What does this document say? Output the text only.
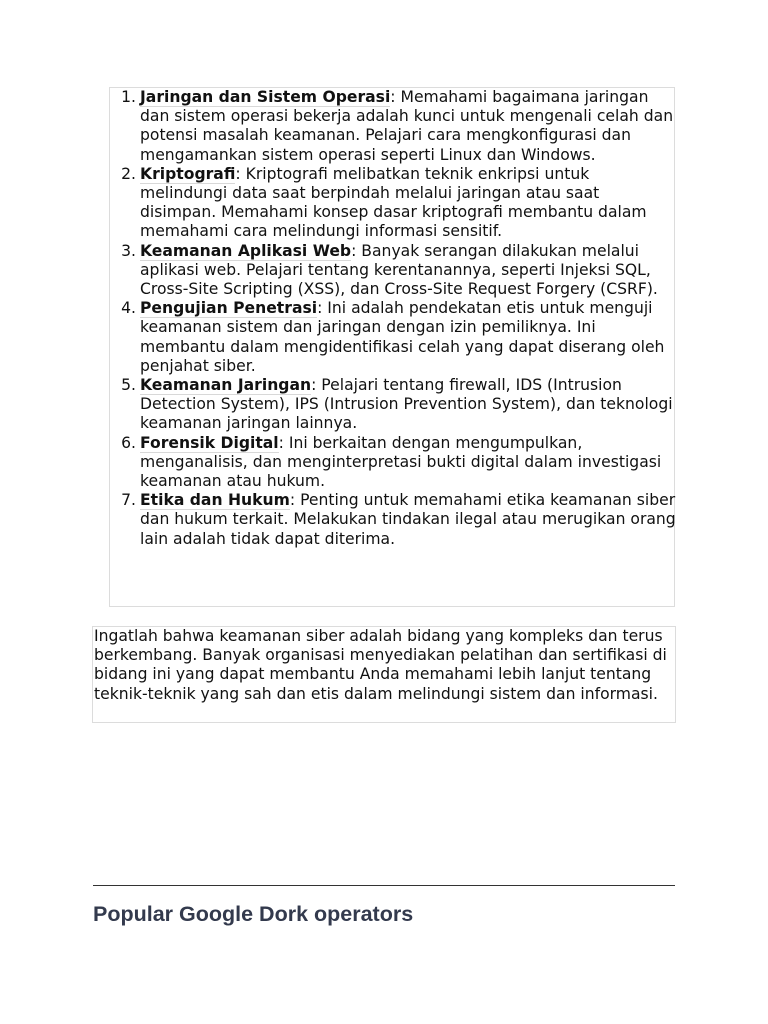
1. Jaringan dan Sistem Operasi: Memahami bagaimana jaringan dan sistem operasi bekerja adalah kunci untuk mengenali celah dan potensi masalah keamanan. Pelajari cara mengkonfigurasi dan mengamankan sistem operasi seperti Linux dan Windows.
2. Kriptografi: Kriptografi melibatkan teknik enkripsi untuk melindungi data saat berpindah melalui jaringan atau saat disimpan. Memahami konsep dasar kriptografi membantu dalam memahami cara melindungi informasi sensitif.
3. Keamanan Aplikasi Web: Banyak serangan dilakukan melalui aplikasi web. Pelajari tentang kerentanannya, seperti Injeksi SQL, Cross-Site Scripting (XSS), dan Cross-Site Request Forgery (CSRF).
4. Pengujian Penetrasi: Ini adalah pendekatan etis untuk menguji keamanan sistem dan jaringan dengan izin pemiliknya. Ini membantu dalam mengidentifikasi celah yang dapat diserang oleh penjahat siber.
5. Keamanan Jaringan: Pelajari tentang firewall, IDS (Intrusion Detection System), IPS (Intrusion Prevention System), dan teknologi keamanan jaringan lainnya.
6. Forensik Digital: Ini berkaitan dengan mengumpulkan, menganalisis, dan menginterpretasi bukti digital dalam investigasi keamanan atau hukum.
7. Etika dan Hukum: Penting untuk memahami etika keamanan siber dan hukum terkait. Melakukan tindakan ilegal atau merugikan orang lain adalah tidak dapat diterima.

Ingatlah bahwa keamanan siber adalah bidang yang kompleks dan terus berkembang. Banyak organisasi menyediakan pelatihan dan sertifikasi di bidang ini yang dapat membantu Anda memahami lebih lanjut tentang teknik-teknik yang sah dan etis dalam melindungi sistem dan informasi.

Popular Google Dork operators
